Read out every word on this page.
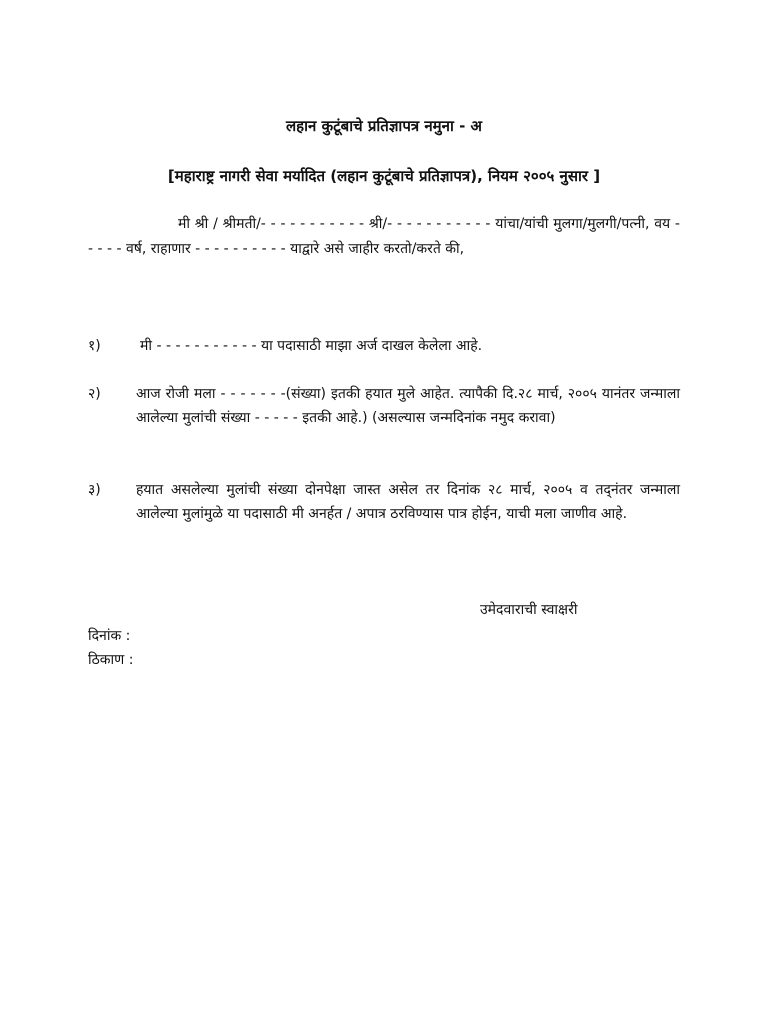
लहान कुटूंबाचे प्रतिज्ञापत्र नमुना - अ
[महाराष्ट्र नागरी सेवा मर्यादित (लहान कुटूंबाचे प्रतिज्ञापत्र), नियम २००५ नुसार ]
मी श्री / श्रीमती/- - - - - - - - - - - श्री/- - - - - - - - - - - यांचा/यांची मुलगा/मुलगी/पत्नी, वय - - - - - वर्ष, राहाणार - - - - - - - - - - याद्वारे असे जाहीर करतो/करते की,
१)	मी - - - - - - - - - - - या पदासाठी माझा अर्ज दाखल केलेला आहे.
२)	आज रोजी मला - - - - - - -(संख्या) इतकी हयात मुले आहेत. त्यापैकी दि.२८ मार्च, २००५ यानंतर जन्माला आलेल्या मुलांची संख्या - - - - - इतकी आहे.) (असल्यास जन्मदिनांक नमुद करावा)
३)	हयात असलेल्या मुलांची संख्या दोनपेक्षा जास्त असेल तर दिनांक २८ मार्च, २००५ व तद्नंतर जन्माला आलेल्या मुलांमुळे या पदासाठी मी अनर्हत / अपात्र ठरविण्यास पात्र होईन, याची मला जाणीव आहे.
उमेदवाराची स्वाक्षरी
दिनांक :
ठिकाण :
